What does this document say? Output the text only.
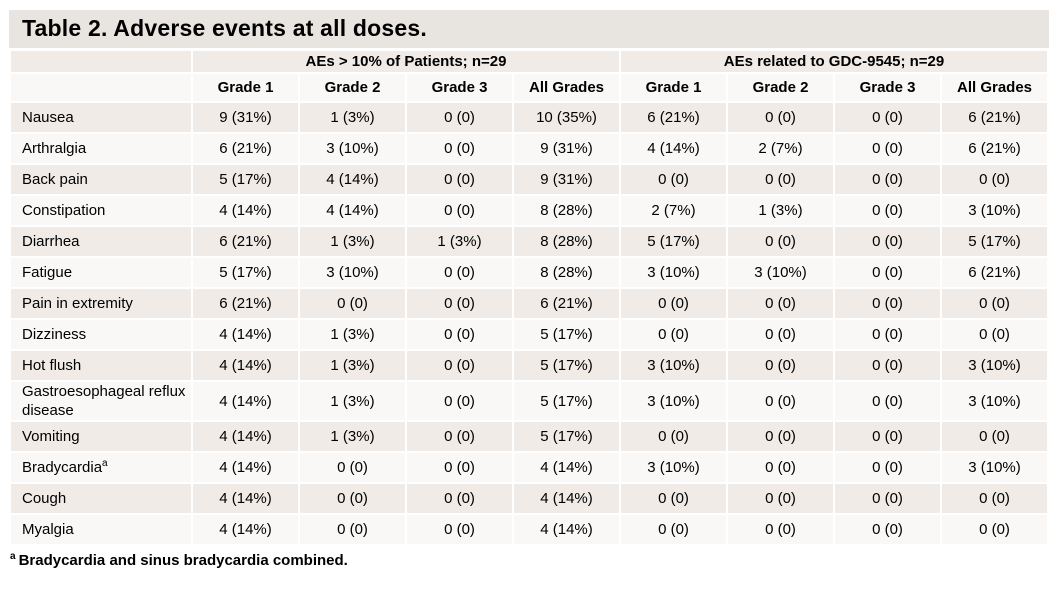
Table 2. Adverse events at all doses.
	AEs > 10% of Patients; n=29				AEs related to GDC-9545; n=29			
	Grade 1	Grade 2	Grade 3	All Grades	Grade 1	Grade 2	Grade 3	All Grades
Nausea	9 (31%)	1 (3%)	0 (0)	10 (35%)	6 (21%)	0 (0)	0 (0)	6 (21%)
Arthralgia	6 (21%)	3 (10%)	0 (0)	9 (31%)	4 (14%)	2 (7%)	0 (0)	6 (21%)
Back pain	5 (17%)	4 (14%)	0 (0)	9 (31%)	0 (0)	0 (0)	0 (0)	0 (0)
Constipation	4 (14%)	4 (14%)	0 (0)	8 (28%)	2 (7%)	1 (3%)	0 (0)	3 (10%)
Diarrhea	6 (21%)	1 (3%)	1 (3%)	8 (28%)	5 (17%)	0 (0)	0 (0)	5 (17%)
Fatigue	5 (17%)	3 (10%)	0 (0)	8 (28%)	3 (10%)	3 (10%)	0 (0)	6 (21%)
Pain in extremity	6 (21%)	0 (0)	0 (0)	6 (21%)	0 (0)	0 (0)	0 (0)	0 (0)
Dizziness	4 (14%)	1 (3%)	0 (0)	5 (17%)	0 (0)	0 (0)	0 (0)	0 (0)
Hot flush	4 (14%)	1 (3%)	0 (0)	5 (17%)	3 (10%)	0 (0)	0 (0)	3 (10%)
Gastroesophageal reflux disease	4 (14%)	1 (3%)	0 (0)	5 (17%)	3 (10%)	0 (0)	0 (0)	3 (10%)
Vomiting	4 (14%)	1 (3%)	0 (0)	5 (17%)	0 (0)	0 (0)	0 (0)	0 (0)
Bradycardia$^a$	4 (14%)	0 (0)	0 (0)	4 (14%)	3 (10%)	0 (0)	0 (0)	3 (10%)
Cough	4 (14%)	0 (0)	0 (0)	4 (14%)	0 (0)	0 (0)	0 (0)	0 (0)
Myalgia	4 (14%)	0 (0)	0 (0)	4 (14%)	0 (0)	0 (0)	0 (0)	0 (0)
$^a$ Bradycardia and sinus bradycardia combined.
